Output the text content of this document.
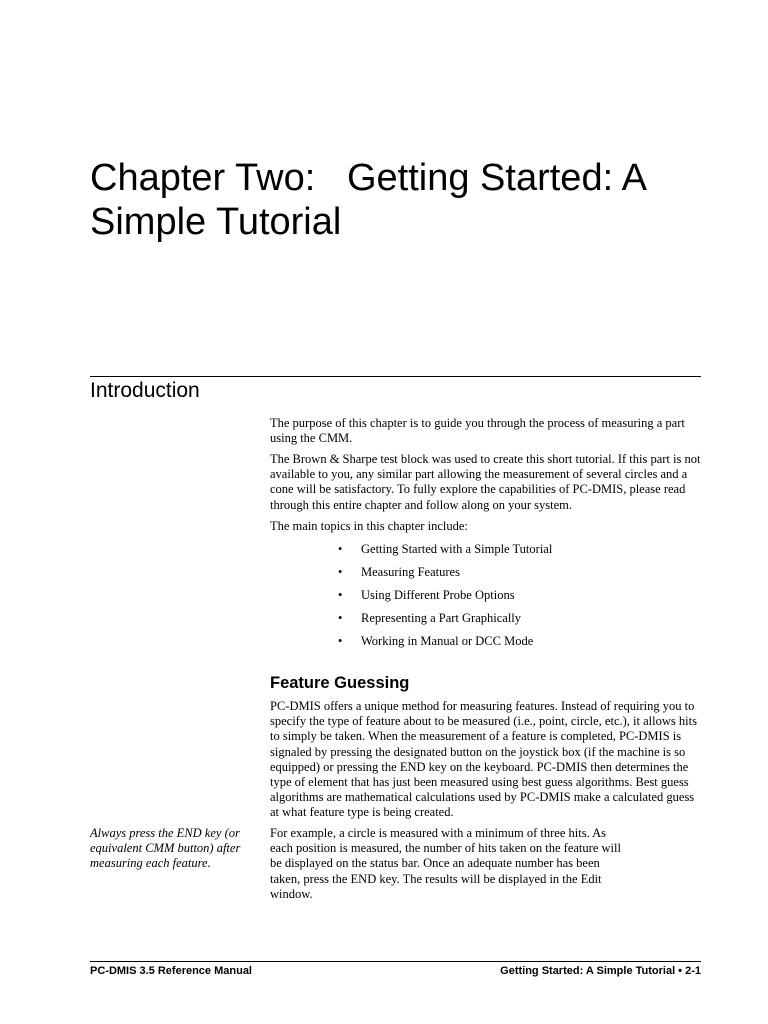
Chapter Two:   Getting Started: A Simple Tutorial
Introduction

The purpose of this chapter is to guide you through the process of measuring a part using the CMM.

The Brown & Sharpe test block was used to create this short tutorial. If this part is not available to you, any similar part allowing the measurement of several circles and a cone will be satisfactory. To fully explore the capabilities of PC-DMIS, please read through this entire chapter and follow along on your system.

The main topics in this chapter include:

• Getting Started with a Simple Tutorial
• Measuring Features
• Using Different Probe Options
• Representing a Part Graphically
• Working in Manual or DCC Mode
Feature Guessing

PC-DMIS offers a unique method for measuring features. Instead of requiring you to specify the type of feature about to be measured (i.e., point, circle, etc.), it allows hits to simply be taken. When the measurement of a feature is completed, PC-DMIS is signaled by pressing the designated button on the joystick box (if the machine is so equipped) or pressing the END key on the keyboard. PC-DMIS then determines the type of element that has just been measured using best guess algorithms. Best guess algorithms are mathematical calculations used by PC-DMIS make a calculated guess at what feature type is being created.

Always press the END key (or equivalent CMM button) after measuring each feature.

For example, a circle is measured with a minimum of three hits. As each position is measured, the number of hits taken on the feature will be displayed on the status bar. Once an adequate number has been taken, press the END key. The results will be displayed in the Edit window.

PC-DMIS 3.5 Reference Manual	Getting Started: A Simple Tutorial • 2-1
